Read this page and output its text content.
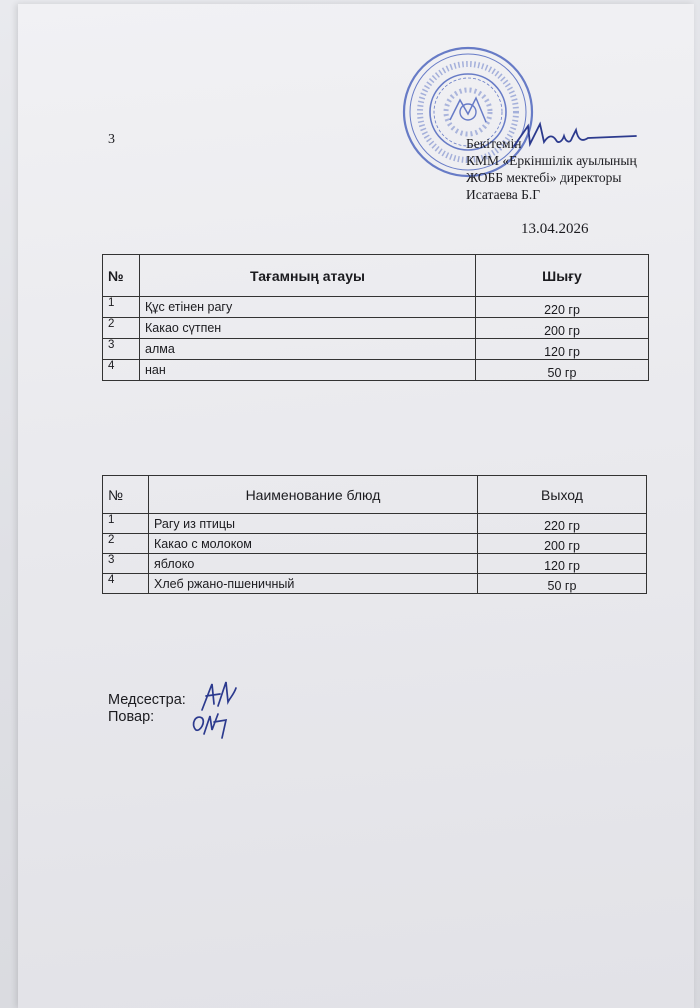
3	Бекітемін
КММ «Еркіншілік ауылының
ЖОББ мектебі» директоры
Исатаева Б.Г
13.04.2026
№	Тағамның атауы	Шығу
1	Құс етінен рагу	220 гр
2	Какао сүтпен	200 гр
3	алма	120 гр
4	нан	50 гр
№	Наименование блюд	Выход
1	Рагу из птицы	220 гр
2	Какао с молоком	200 гр
3	яблоко	120 гр
4	Хлеб ржано-пшеничный	50 гр
Медсестра:
Повар:
